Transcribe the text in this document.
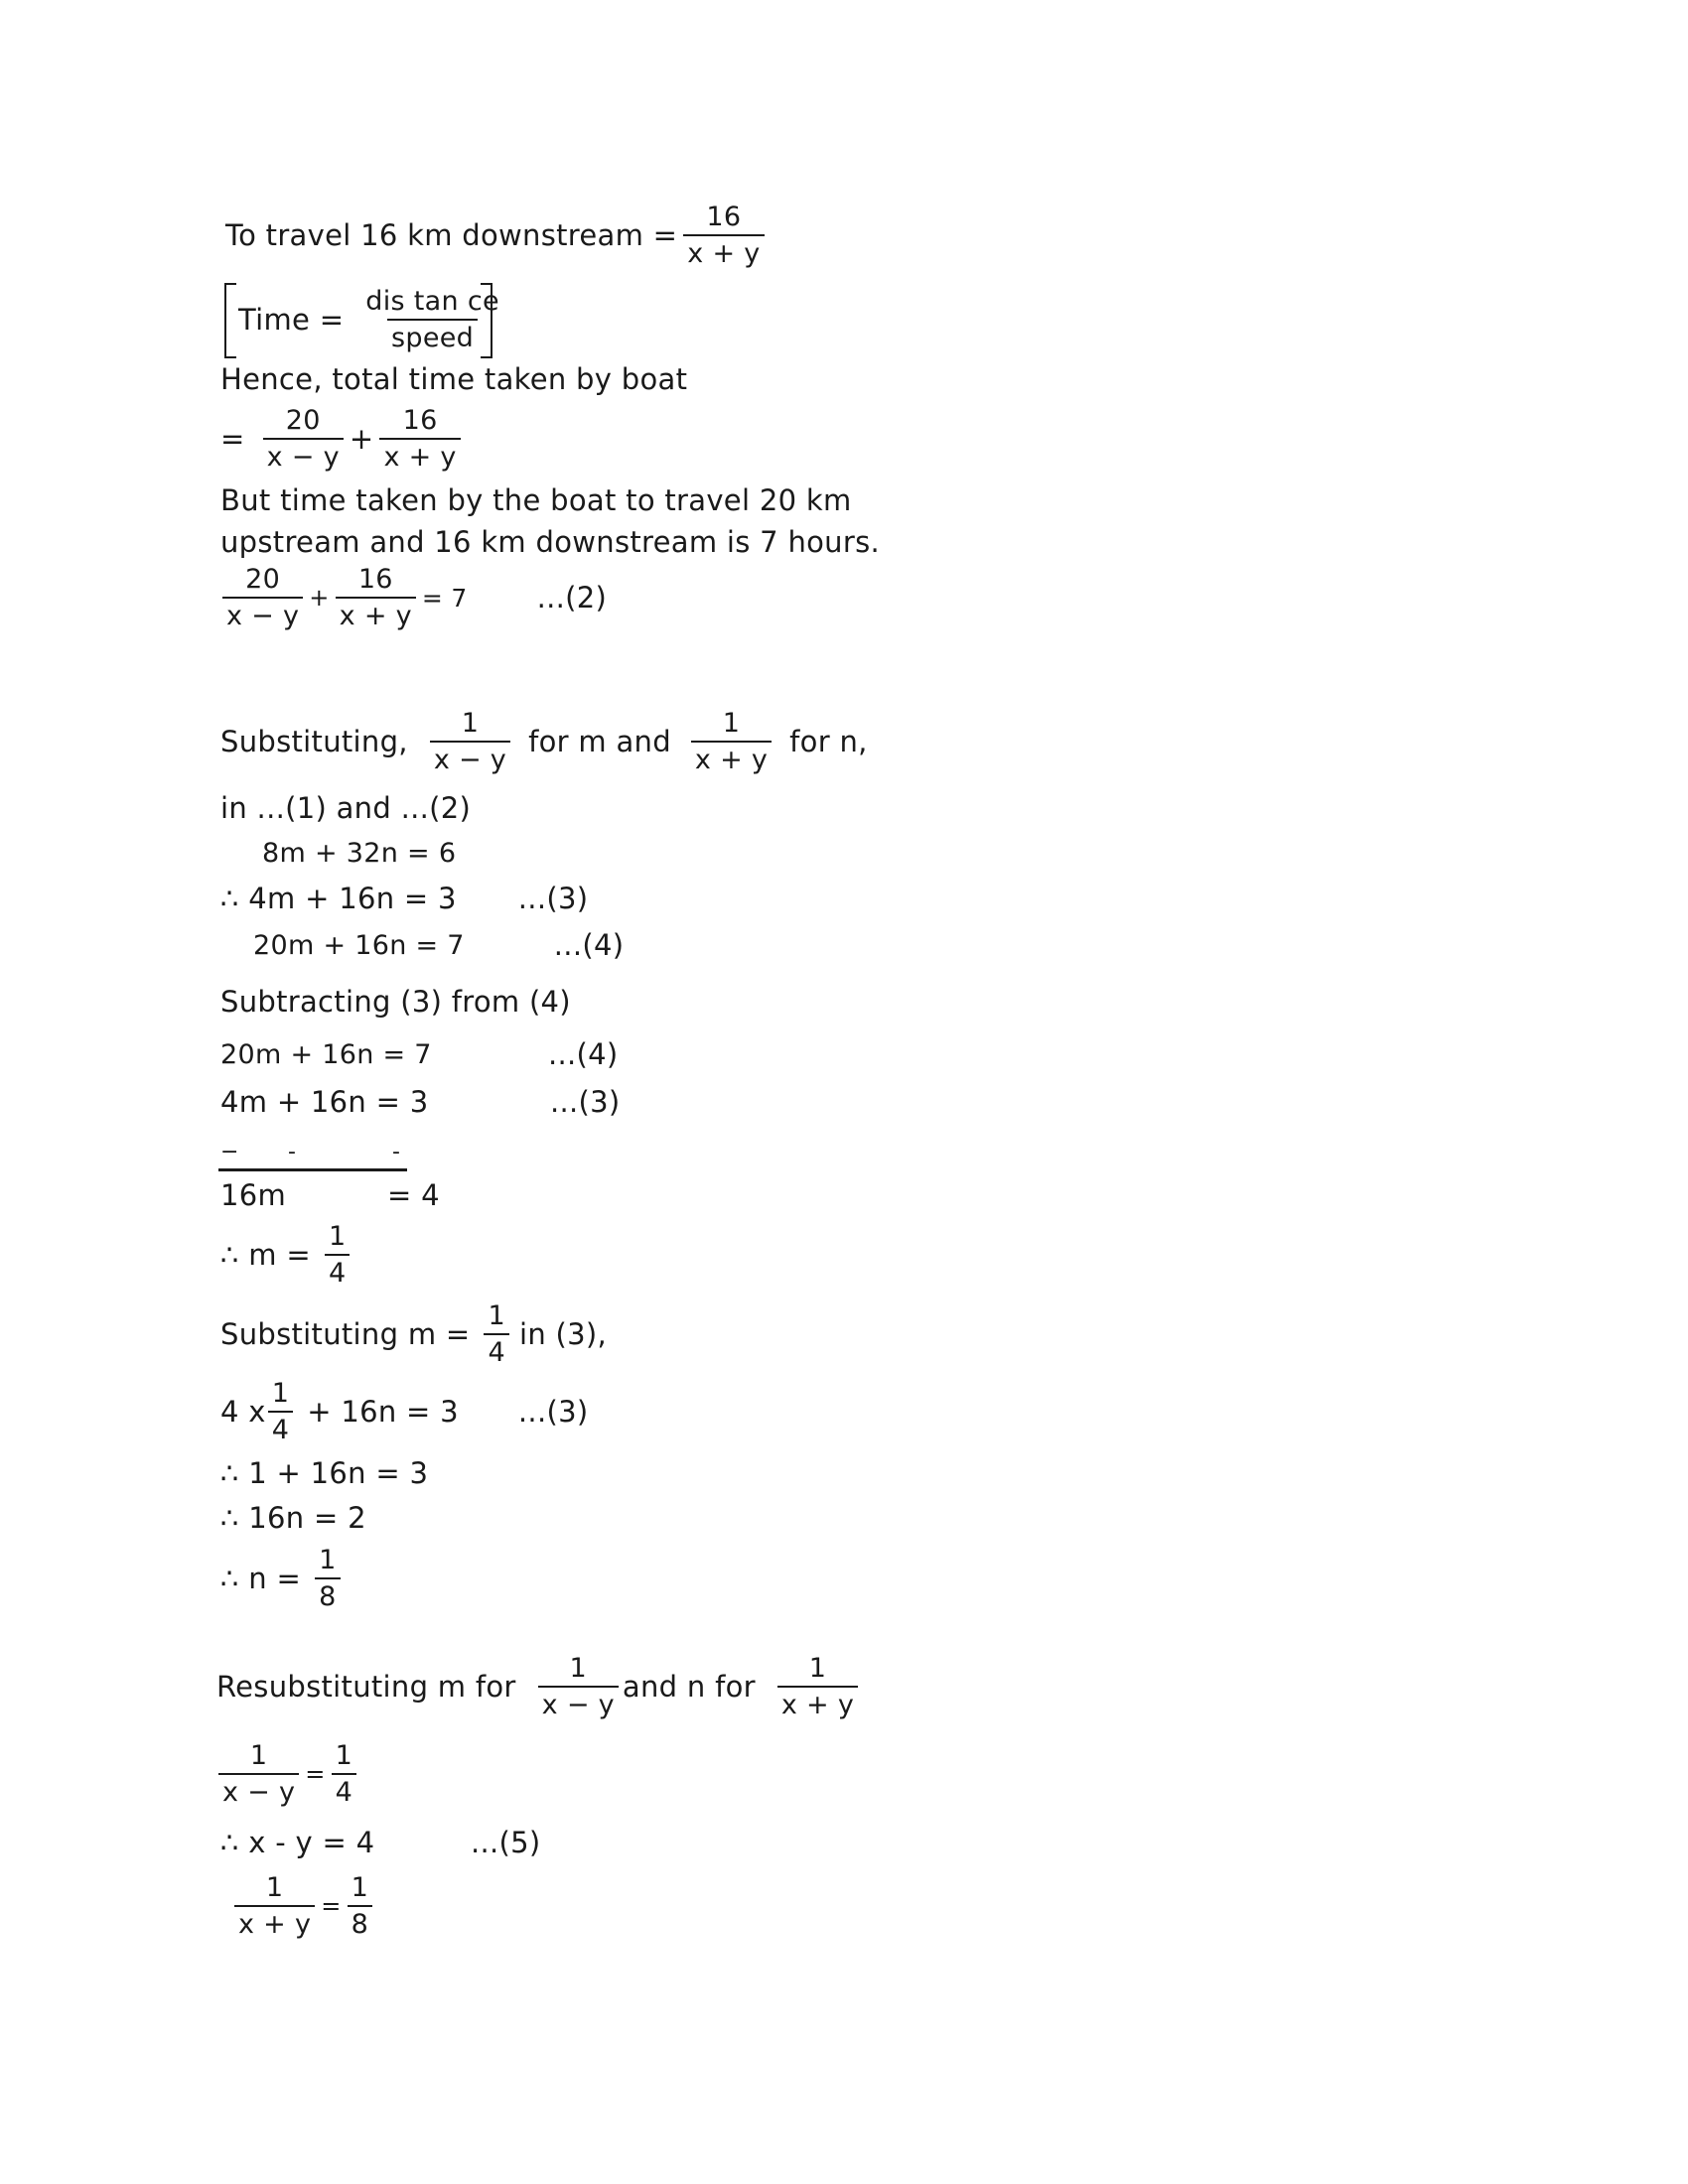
To travel 16 km downstream = $\frac{16}{x + y}$
Time = $\frac{\text{dis tan ce}}{\text{speed}}$
Hence, total time taken by boat
= $\frac{20}{x - y} + \frac{16}{x + y}$
But time taken by the boat to travel 20 km
upstream and 16 km downstream is 7 hours.
$\frac{20}{x - y} + \frac{16}{x + y} = 7$ ...(2)
Substituting, $\frac{1}{x - y}$ for m and $\frac{1}{x + y}$ for n,
in ...(1) and ...(2)
8m + 32n = 6
∴ 4m + 16n = 3 ...(3)
20m + 16n = 7	...(4)
Subtracting (3) from (4)
20m + 16n = 7	...(4)
4m + 16n = 3	...(3)
−	-	-
16m	= 4
∴ $m = \frac{1}{4}$
Substituting $m = \frac{1}{4}$ in (3),
4 x $\frac{1}{4} + 16n = 3$ ...(3)
∴ 1 + 16n = 3
∴ 16n = 2
∴ $n = \frac{1}{8}$
Resubstituting m for $\frac{1}{x - y}$ and n for $\frac{1}{x + y}$
$\frac{1}{x - y} = \frac{1}{4}$
∴ x - y = 4	...(5)
$\frac{1}{x + y} = \frac{1}{8}$
